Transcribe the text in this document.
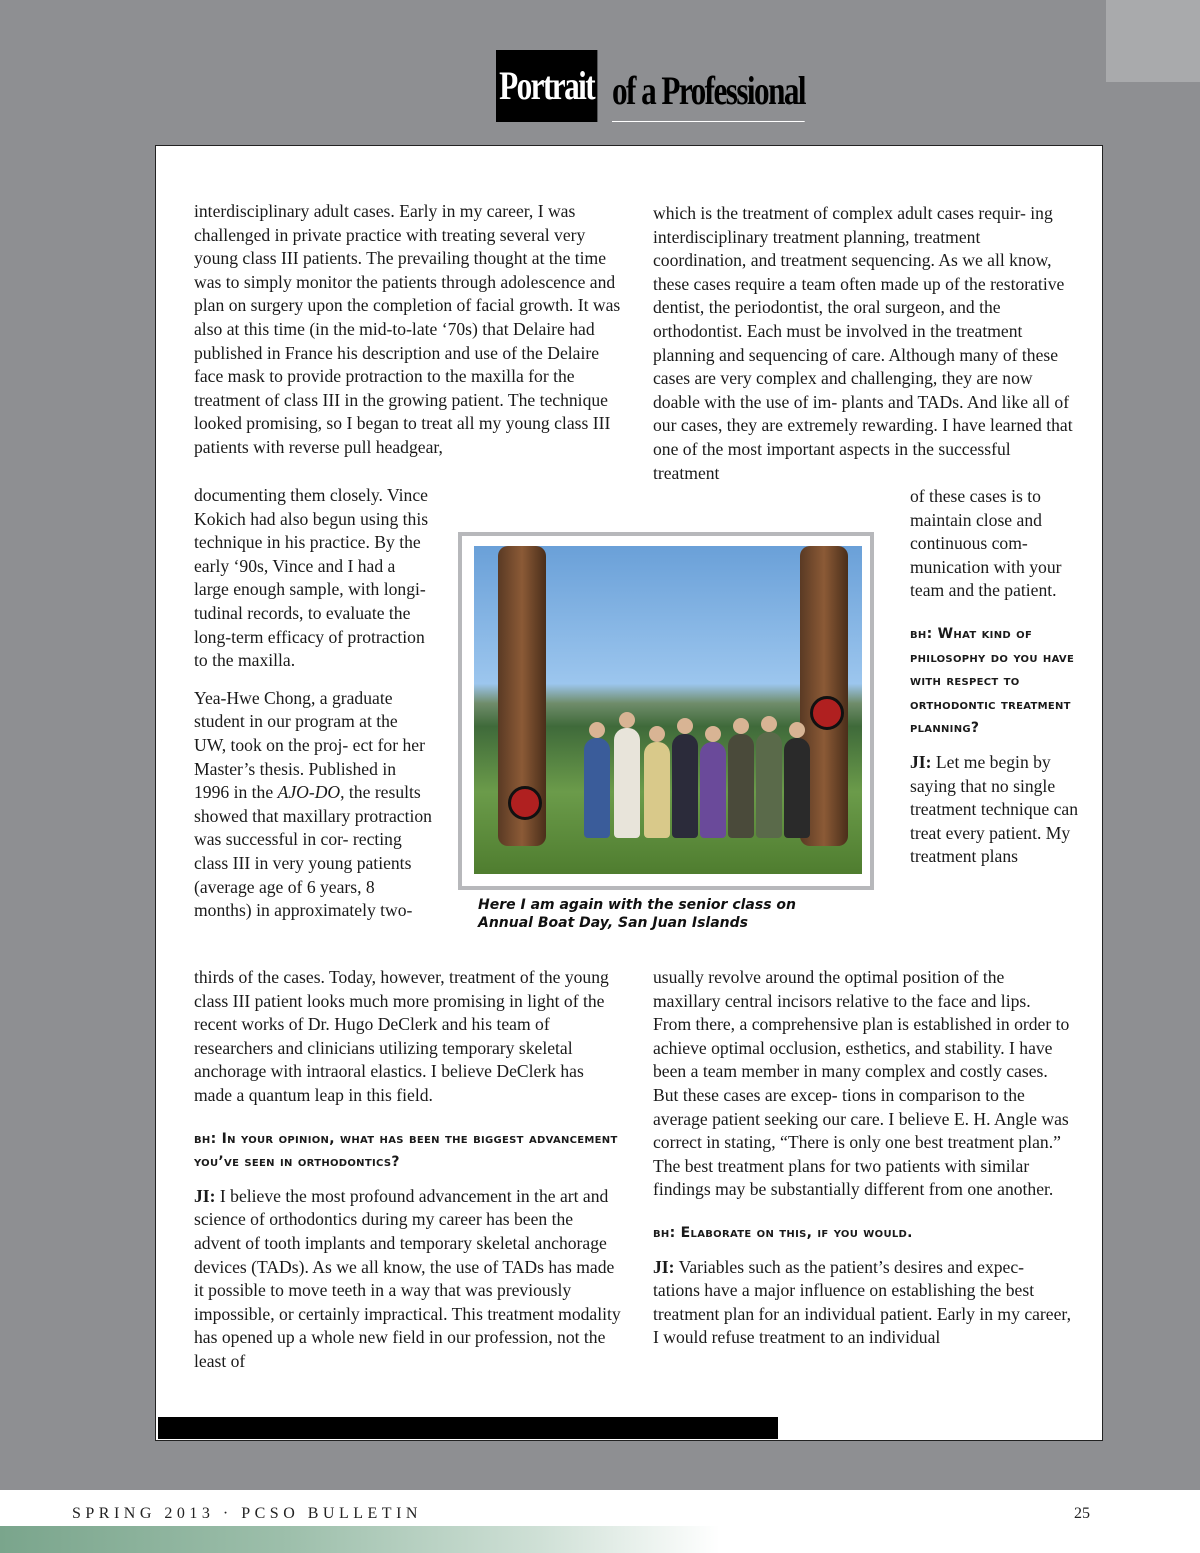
Portrait of a Professional

interdisciplinary adult cases. Early in my career, I was challenged in private practice with treating several very young class III patients. The prevailing thought at the time was to simply monitor the patients through adolescence and plan on surgery upon the completion of facial growth. It was also at this time (in the mid-to-late ‘70s) that Delaire had published in France his description and use of the Delaire face mask to provide protraction to the maxilla for the treatment of class III in the growing patient. The technique looked promising, so I began to treat all my young class III patients with reverse pull headgear,

documenting them closely. Vince Kokich had also begun using this technique in his practice. By the early ‘90s, Vince and I had a large enough sample, with longi- tudinal records, to evaluate the long-term efficacy of protraction to the maxilla.

Yea-Hwe Chong, a graduate student in our program at the UW, took on the proj- ect for her Master’s thesis. Published in 1996 in the AJO-DO, the results showed that maxillary protraction was successful in cor- recting class III in very young patients (average age of 6 years, 8 months) in approximately two-

thirds of the cases. Today, however, treatment of the young class III patient looks much more promising in light of the recent works of Dr. Hugo DeClerk and his team of researchers and clinicians utilizing temporary skeletal anchorage with intraoral elastics. I believe DeClerk has made a quantum leap in this field.

bh: In your opinion, what has been the biggest advancement you’ve seen in orthodontics?

JI: I believe the most profound advancement in the art and science of orthodontics during my career has been the advent of tooth implants and temporary skeletal anchorage devices (TADs). As we all know, the use of TADs has made it possible to move teeth in a way that was previously impossible, or certainly impractical. This treatment modality has opened up a whole new field in our profession, not the least of

which is the treatment of complex adult cases requir- ing interdisciplinary treatment planning, treatment coordination, and treatment sequencing. As we all know, these cases require a team often made up of the restorative dentist, the periodontist, the oral surgeon, and the orthodontist. Each must be involved in the treatment planning and sequencing of care. Although many of these cases are very complex and challenging, they are now doable with the use of im- plants and TADs. And like all of our cases, they are extremely rewarding. I have learned that one of the most important aspects in the successful treatment

of these cases is to maintain close and continuous com- munication with your team and the patient.

bh: What kind of philosophy do you have with respect to orthodontic treatment planning?

JI: Let me begin by saying that no single treatment technique can treat every patient. My treatment plans

usually revolve around the optimal position of the maxillary central incisors relative to the face and lips. From there, a comprehensive plan is established in order to achieve optimal occlusion, esthetics, and stability. I have been a team member in many complex and costly cases. But these cases are excep- tions in comparison to the average patient seeking our care. I believe E. H. Angle was correct in stating, “There is only one best treatment plan.” The best treatment plans for two patients with similar findings may be substantially different from one another.

bh: Elaborate on this, if you would.

JI: Variables such as the patient’s desires and expec- tations have a major influence on establishing the best treatment plan for an individual patient. Early in my career, I would refuse treatment to an individual

Here I am again with the senior class on Annual Boat Day, San Juan Islands
SPRING 2013 · PCSO BULLETIN	25
